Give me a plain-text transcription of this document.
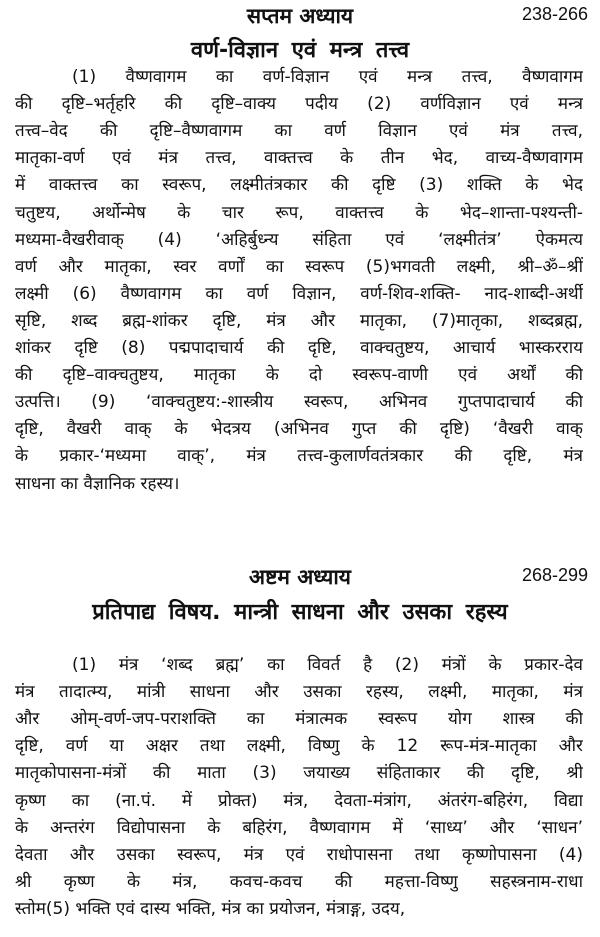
सप्तम अध्याय	238-266
वर्ण-विज्ञान एवं मन्त्र तत्त्व
(1) वैष्णवागम का वर्ण-विज्ञान एवं मन्त्र तत्त्व, वैष्णवागम
की दृष्टि–भर्तृहरि की दृष्टि–वाक्य पदीय (2) वर्णविज्ञान एवं मन्त्र
तत्त्व–वेद की दृष्टि–वैष्णवागम का वर्ण विज्ञान एवं मंत्र तत्त्व,
मातृका-वर्ण एवं मंत्र तत्त्व, वाक्तत्त्व के तीन भेद, वाच्य-वैष्णवागम
में वाक्तत्त्व का स्वरूप, लक्ष्मीतंत्रकार की दृष्टि (3) शक्ति के भेद
चतुष्टय, अर्थोन्मेष के चार रूप, वाक्तत्त्व के भेद–शान्ता-पश्यन्ती-
मध्यमा-वैखरीवाक् (4) ‘अहिर्बुध्न्य संहिता एवं ‘लक्ष्मीतंत्र’ ऐकमत्य
वर्ण और मातृका, स्वर वर्णों का स्वरूप (5)भगवती लक्ष्मी, श्री–ॐ–श्रीं
लक्ष्मी (6) वैष्णवागम का वर्ण विज्ञान, वर्ण-शिव-शक्ति- नाद-शाब्दी-अर्थी
सृष्टि, शब्द ब्रह्म-शांकर दृष्टि, मंत्र और मातृका, (7)मातृका, शब्दब्रह्म,
शांकर दृष्टि (8) पद्मपादाचार्य की दृष्टि, वाक्चतुष्टय, आचार्य भास्करराय
की दृष्टि–वाक्चतुष्टय, मातृका के दो स्वरूप-वाणी एवं अर्थों की
उत्पत्ति। (9) ‘वाक्चतुष्टय:-शास्त्रीय स्वरूप, अभिनव गुप्तपादाचार्य की
दृष्टि, वैखरी वाक् के भेदत्रय (अभिनव गुप्त की दृष्टि) ‘वैखरी वाक्
के प्रकार-‘मध्यमा वाक्’, मंत्र तत्त्व-कुलार्णवतंत्रकार की दृष्टि, मंत्र
साधना का वैज्ञानिक रहस्य।
अष्टम अध्याय	268-299
प्रतिपाद्य विषय. मान्त्री साधना और उसका रहस्य
(1) मंत्र ‘शब्द ब्रह्म’ का विवर्त है (2) मंत्रों के प्रकार-देव
मंत्र तादात्म्य, मांत्री साधना और उसका रहस्य, लक्ष्मी, मातृका, मंत्र
और ओम्-वर्ण-जप-पराशक्ति का मंत्रात्मक स्वरूप योग शास्त्र की
दृष्टि, वर्ण या अक्षर तथा लक्ष्मी, विष्णु के 12 रूप-मंत्र-मातृका और
मातृकोपासना-मंत्रों की माता (3) जयाख्य संहिताकार की दृष्टि, श्री
कृष्ण का (ना.पं. में प्रोक्त) मंत्र, देवता-मंत्रांग, अंतरंग-बहिरंग, विद्या
के अन्तरंग विद्योपासना के बहिरंग, वैष्णवागम में ‘साध्य’ और ‘साधन’
देवता और उसका स्वरूप, मंत्र एवं राधोपासना तथा कृष्णोपासना (4)
श्री कृष्ण के मंत्र, कवच-कवच की महत्ता-विष्णु सहस्त्रनाम-राधा
स्तोम(5) भक्ति एवं दास्य भक्ति, मंत्र का प्रयोजन, मंत्राङ्ग, उदय,
